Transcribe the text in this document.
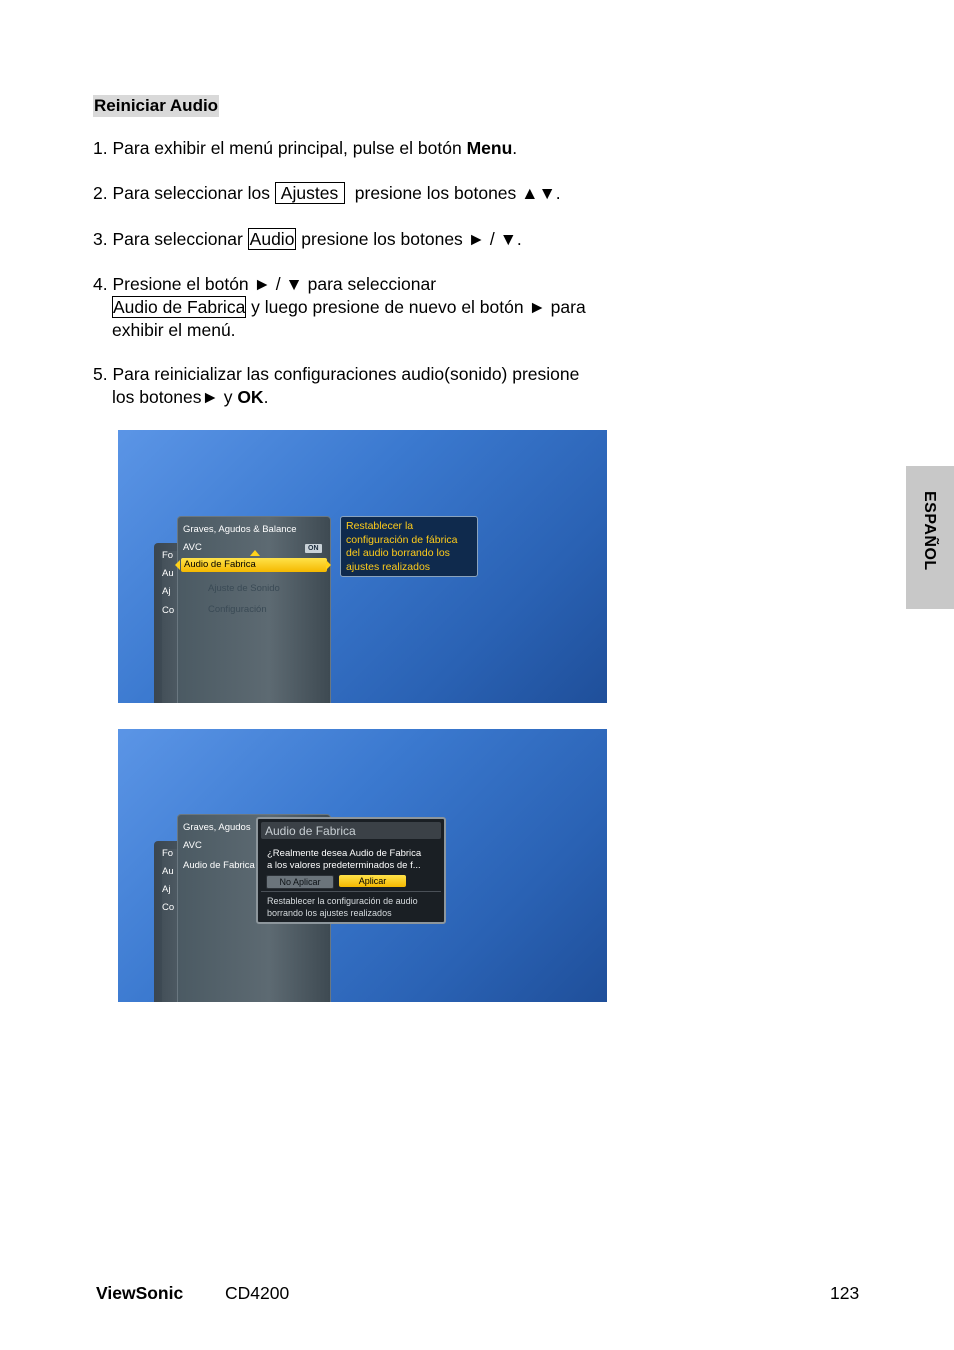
Reiniciar Audio
1. Para exhibir el menú principal, pulse el botón Menu.
2. Para seleccionar los  Ajustes   presione los botones ▲▼.
3. Para seleccionar Audio presione los botones ► / ▼.
4. Presione el botón ► / ▼ para seleccionar
Audio de Fabrica y luego presione de nuevo el botón ► para
exhibir el menú.
5. Para reinicializar las configuraciones audio(sonido) presione
los botones► y OK.
Fo
Au
Aj
Co
Graves, Agudos & Balance
AVC	ON
Audio de Fabrica
Ajuste de Sonido
Configuración
Restablecer la
configuración de fábrica
del audio borrando los
ajustes realizados
Fo
Au
Aj
Co
Graves, Agudos
AVC
Audio de Fabrica
Audio de Fabrica
¿Realmente desea Audio de Fabrica
a los valores predeterminados de f...
No Aplicar	Aplicar
Restablecer la configuración de audio
borrando los ajustes realizados
ESPAÑOL
ViewSonic CD4200	123
